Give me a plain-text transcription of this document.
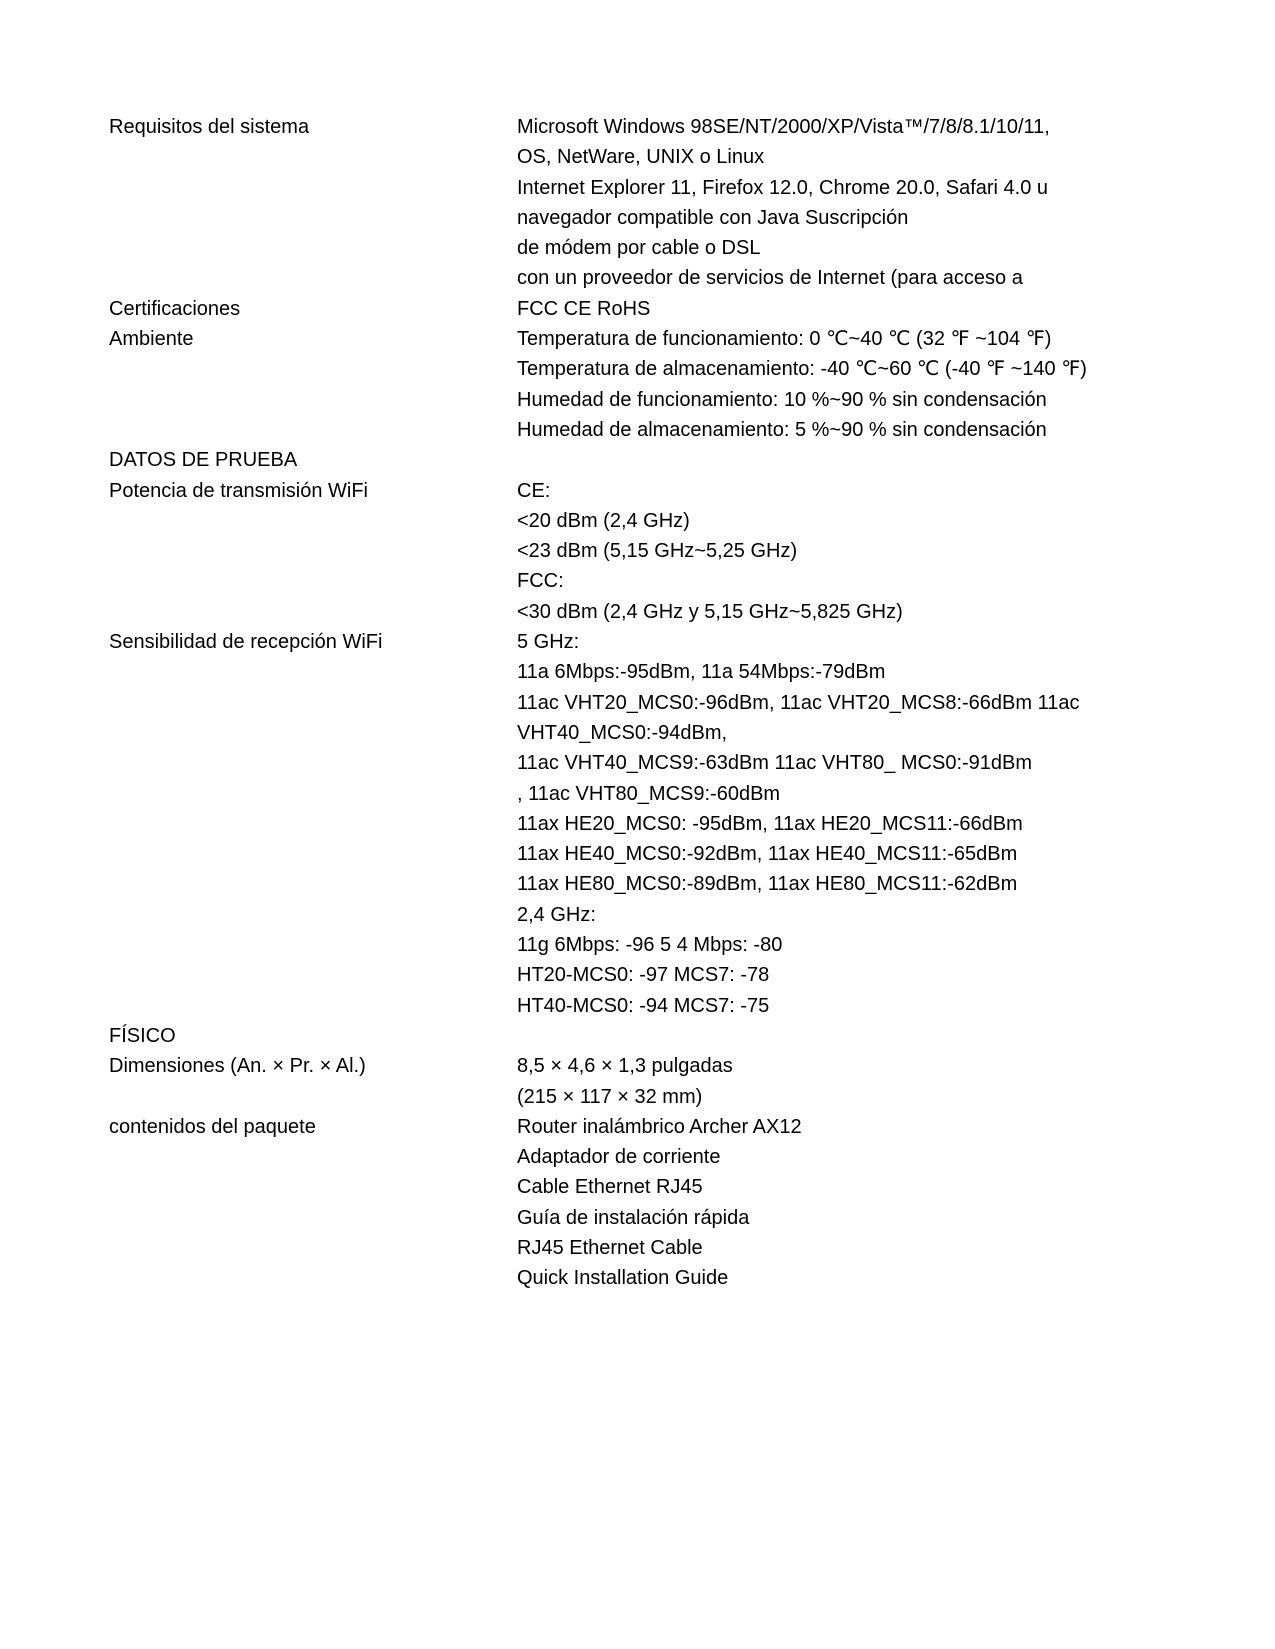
Requisitos del sistema	Microsoft Windows 98SE/NT/2000/XP/Vista™/7/8/8.1/10/11,
OS, NetWare, UNIX o Linux
Internet Explorer 11, Firefox 12.0, Chrome 20.0, Safari 4.0 u
navegador compatible con Java Suscripción
de módem por cable o DSL
con un proveedor de servicios de Internet (para acceso a
Certificaciones	FCC CE RoHS
Ambiente	Temperatura de funcionamiento: 0 ℃~40 ℃ (32 ℉ ~104 ℉)
Temperatura de almacenamiento: -40 ℃~60 ℃ (-40 ℉ ~140 ℉)
Humedad de funcionamiento: 10 %~90 % sin condensación
Humedad de almacenamiento: 5 %~90 % sin condensación
DATOS DE PRUEBA
Potencia de transmisión WiFi	CE:
<20 dBm (2,4 GHz)
<23 dBm (5,15 GHz~5,25 GHz)
FCC:
<30 dBm (2,4 GHz y 5,15 GHz~5,825 GHz)
Sensibilidad de recepción WiFi	5 GHz:
11a 6Mbps:-95dBm, 11a 54Mbps:-79dBm
11ac VHT20_MCS0:-96dBm, 11ac VHT20_MCS8:-66dBm 11ac
VHT40_MCS0:-94dBm,
11ac VHT40_MCS9:-63dBm 11ac VHT80_ MCS0:-91dBm
, 11ac VHT80_MCS9:-60dBm
11ax HE20_MCS0: -95dBm, 11ax HE20_MCS11:-66dBm
11ax HE40_MCS0:-92dBm, 11ax HE40_MCS11:-65dBm
11ax HE80_MCS0:-89dBm, 11ax HE80_MCS11:-62dBm
2,4 GHz:
11g 6Mbps: -96 5 4 Mbps: -80
HT20-MCS0: -97 MCS7: -78
HT40-MCS0: -94 MCS7: -75
FÍSICO
Dimensiones (An. × Pr. × Al.)	8,5 × 4,6 × 1,3 pulgadas
(215 × 117 × 32 mm)
contenidos del paquete	Router inalámbrico Archer AX12
Adaptador de corriente
Cable Ethernet RJ45
Guía de instalación rápida
RJ45 Ethernet Cable
Quick Installation Guide
